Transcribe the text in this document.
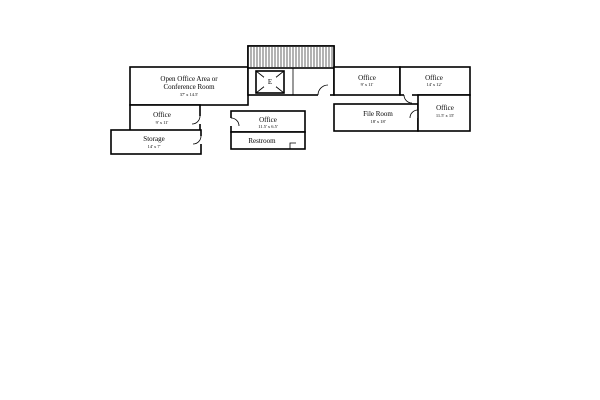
Open Office Area or
Conference Room
37' x 14.5'
Office
9' x 11'
Storage
14' x 7'
Office
11.5' x 6.5'
Restroom
E	Office
9' x 11'
Office
14' x 12'
File Room
18' x 18'
Office
11.5' x 15'
